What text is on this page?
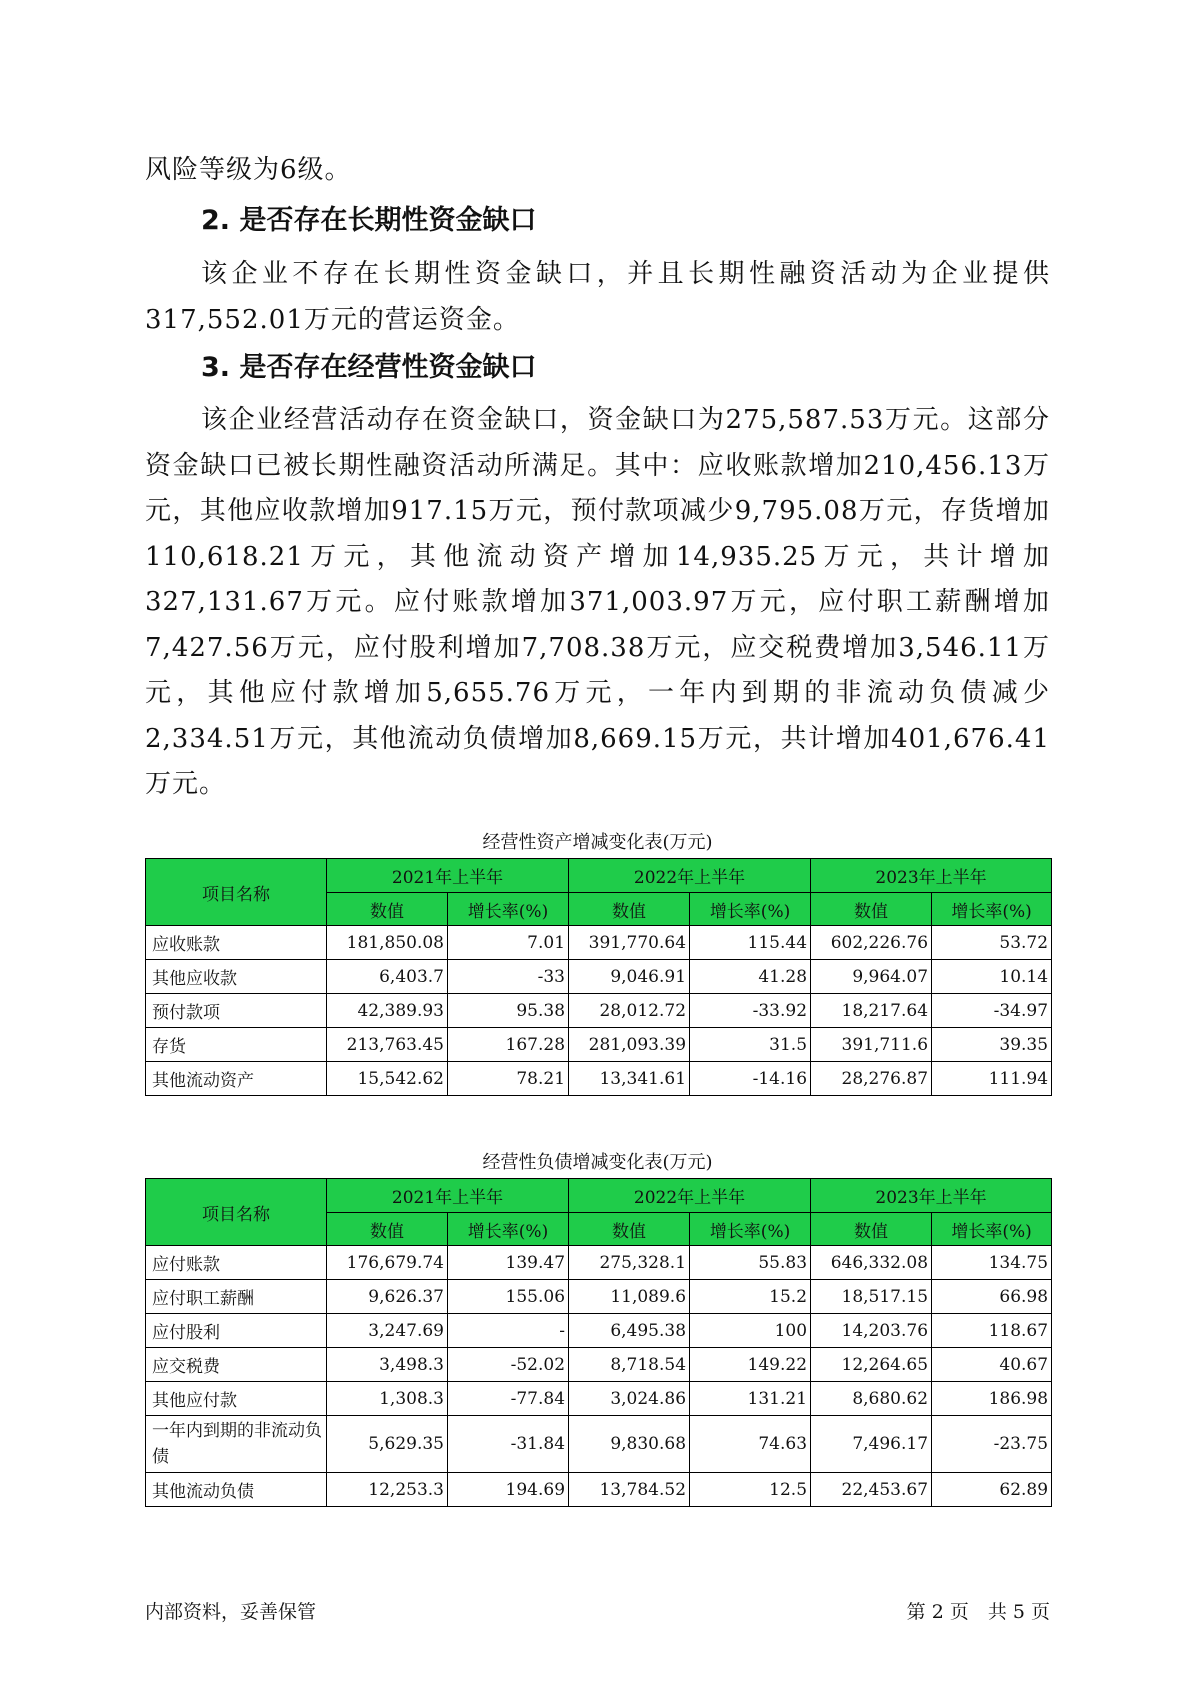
风险等级为6级。

2. 是否存在长期性资金缺口

该企业不存在长期性资金缺口，并且长期性融资活动为企业提供317,552.01万元的营运资金。

3. 是否存在经营性资金缺口

该企业经营活动存在资金缺口，资金缺口为275,587.53万元。这部分资金缺口已被长期性融资活动所满足。其中：应收账款增加210,456.13万元，其他应收款增加917.15万元，预付款项减少9,795.08万元，存货增加110,618.21万元，其他流动资产增加14,935.25万元，共计增加327,131.67万元。应付账款增加371,003.97万元，应付职工薪酬增加7,427.56万元，应付股利增加7,708.38万元，应交税费增加3,546.11万元，其他应付款增加5,655.76万元，一年内到期的非流动负债减少2,334.51万元，其他流动负债增加8,669.15万元，共计增加401,676.41万元。

经营性资产增减变化表(万元)

项目名称	2021年上半年		2022年上半年		2023年上半年	
	数值	增长率(%)	数值	增长率(%)	数值	增长率(%)
应收账款	181,850.08	7.01	391,770.64	115.44	602,226.76	53.72
其他应收款	6,403.7	-33	9,046.91	41.28	9,964.07	10.14
预付款项	42,389.93	95.38	28,012.72	-33.92	18,217.64	-34.97
存货	213,763.45	167.28	281,093.39	31.5	391,711.6	39.35
其他流动资产	15,542.62	78.21	13,341.61	-14.16	28,276.87	111.94

经营性负债增减变化表(万元)

项目名称	2021年上半年		2022年上半年		2023年上半年	
	数值	增长率(%)	数值	增长率(%)	数值	增长率(%)
应付账款	176,679.74	139.47	275,328.1	55.83	646,332.08	134.75
应付职工薪酬	9,626.37	155.06	11,089.6	15.2	18,517.15	66.98
应付股利	3,247.69	-	6,495.38	100	14,203.76	118.67
应交税费	3,498.3	-52.02	8,718.54	149.22	12,264.65	40.67
其他应付款	1,308.3	-77.84	3,024.86	131.21	8,680.62	186.98
一年内到期的非流动负债	5,629.35	-31.84	9,830.68	74.63	7,496.17	-23.75
其他流动负债	12,253.3	194.69	13,784.52	12.5	22,453.67	62.89

内部资料，妥善保管	第 2 页　共 5 页
